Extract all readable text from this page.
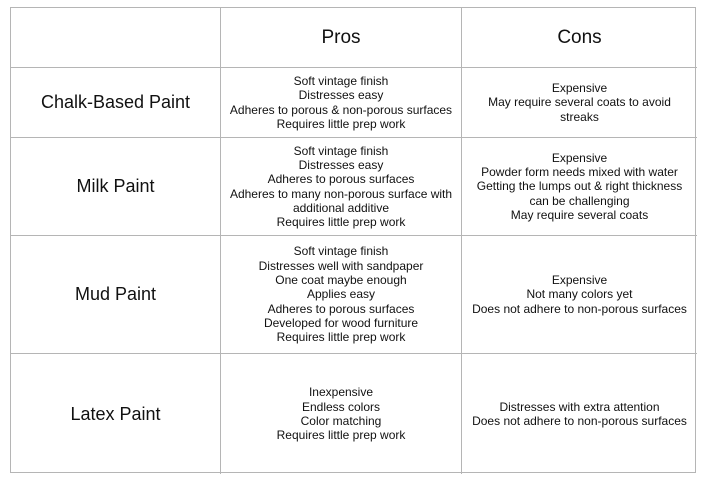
Pros	Cons
Chalk-Based Paint
Soft vintage finish
Distresses easy
Adheres to porous & non-porous surfaces
Requires little prep work
Expensive
May require several coats to avoid
streaks
Milk Paint
Soft vintage finish
Distresses easy
Adheres to porous surfaces
Adheres to many non-porous surface with
additional additive
Requires little prep work
Expensive
Powder form needs mixed with water
Getting the lumps out & right thickness
can be challenging
May require several coats
Mud Paint
Soft vintage finish
Distresses well with sandpaper
One coat maybe enough
Applies easy
Adheres to porous surfaces
Developed for wood furniture
Requires little prep work
Expensive
Not many colors yet
Does not adhere to non-porous surfaces
Latex Paint
Inexpensive
Endless colors
Color matching
Requires little prep work
Distresses with extra attention
Does not adhere to non-porous surfaces
